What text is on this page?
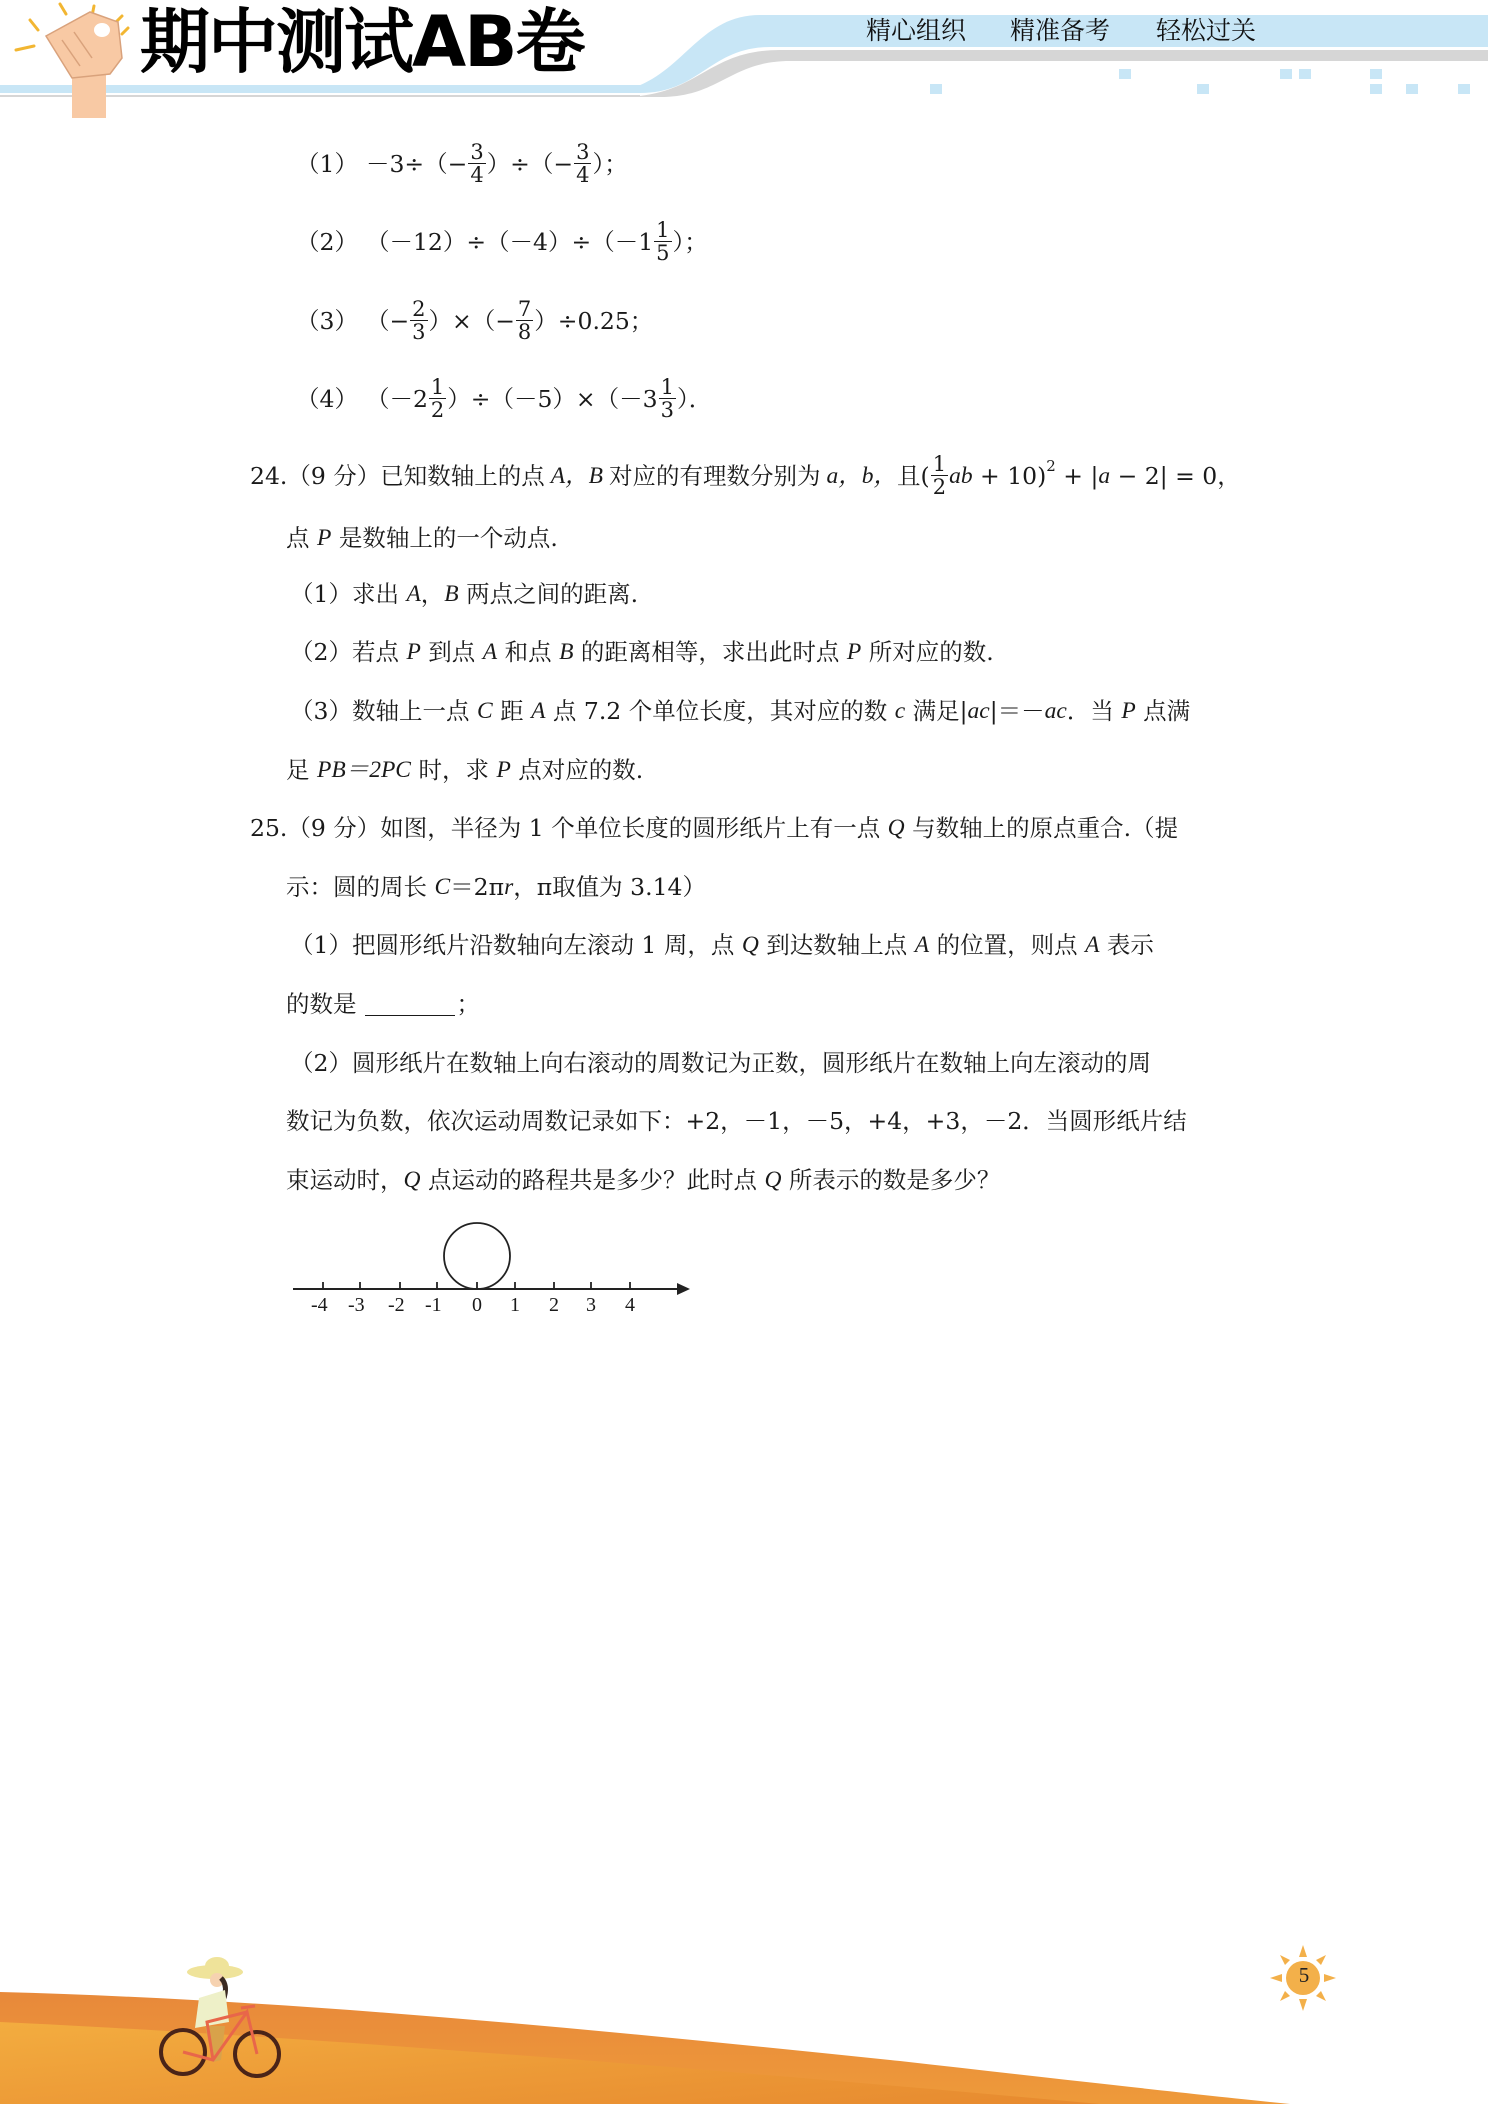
期中测试AB卷	精心组织 精准备考 轻松过关
$(1) -3\div( - \frac{3}{4}$ ）÷（ − $\frac{3}{4}$ ）；
（2） $(-12)\div(-4)\div(-1 \frac{1}{5}$ ）；
（3） （− $\frac{2}{3}$ ）×（− $\frac{7}{8} )\div 0.25$；
（4） $(-2 \frac{1}{2} )\div(-5)\times(-3 \frac{1}{3}$ ）．
24. （9 分） 已知数轴上的点 A，B 对应的有理数分别为 a，b， 且( $\frac{1}{2}$ ab + 10) 2 + | a − 2| = 0，
点 P 是数轴上的一个动点.
（1） 求出 A ， B 两点之间的距离.
（2） 若点 P 到点 A 和点 B 的距离相等，求出此时点 P 所对应的数.
（3） 数轴上一点 C 距 A 点 7.2 个单位长度，其对应的数 c 满足| ac |＝－ ac ．当 P 点满
足 PB＝2PC 时，求 P 点对应的数.
25. （9 分） 如图，半径为 1 个单位长度的圆形纸片上有一点 Q 与数轴上的原点重合.（提
示：圆的周长 C ＝2π r ，π取值为 3.14）
（1） 把圆形纸片沿数轴向左滚动 1 周，点 Q 到达数轴上点 A 的位置，则点 A 表示
的数是	；
（2） 圆形纸片在数轴上向右滚动的周数记为正数，圆形纸片在数轴上向左滚动的周
数记为负数，依次运动周数记录如下：+2，－1，－5，+4，+3，－2．当圆形纸片结
束运动时， Q 点运动的路程共是多少？此时点 Q 所表示的数是多少？
-4 -3 -2 -1 0 1 2 3 4
5
